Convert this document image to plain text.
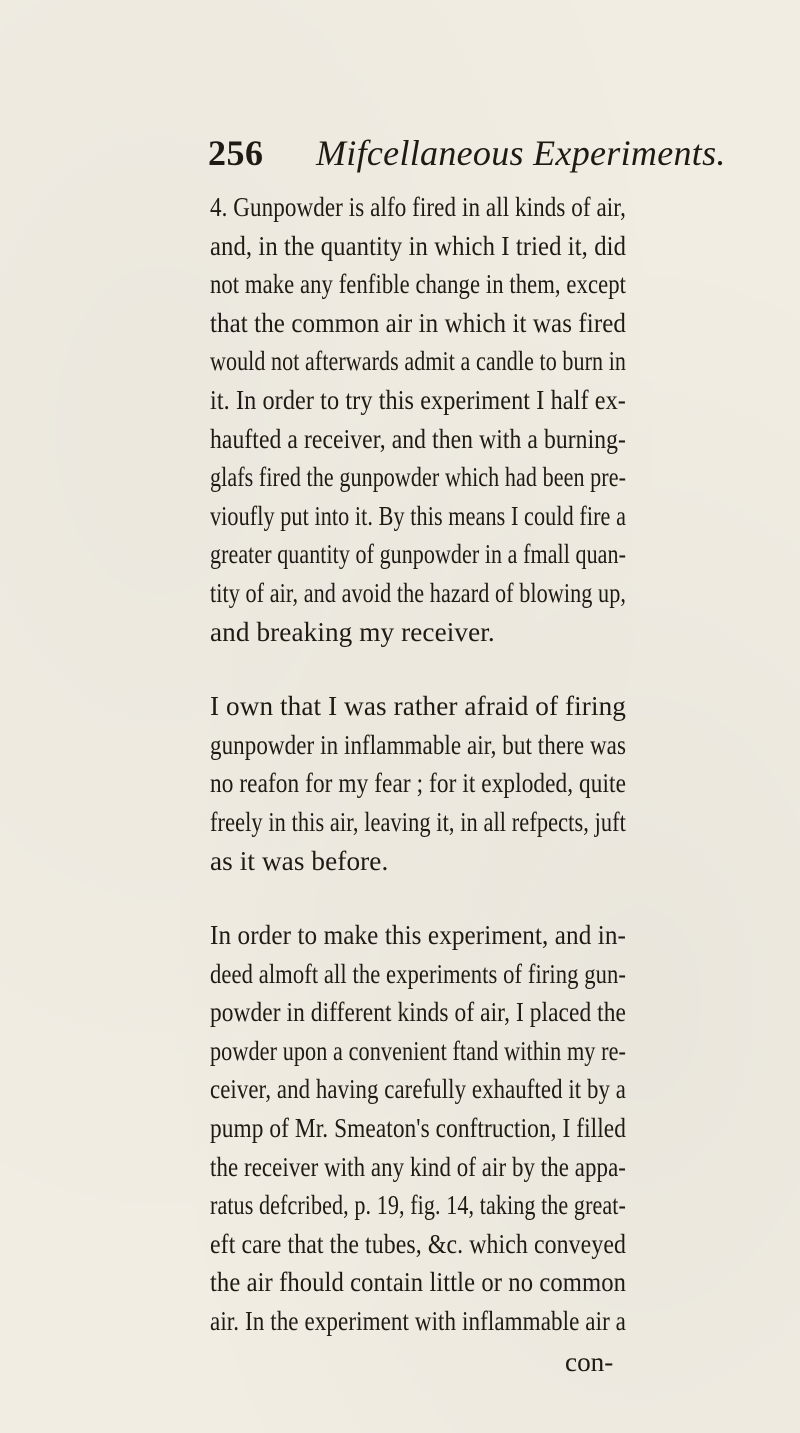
256 Mifcellaneous Experiments.

4. Gunpowder is alfo fired in all kinds of air,
and, in the quantity in which I tried it, did
not make any fenfible change in them, except
that the common air in which it was fired
would not afterwards admit a candle to burn in
it. In order to try this experiment I half ex-
haufted a receiver, and then with a burning-
glafs fired the gunpowder which had been pre-
vioufly put into it. By this means I could fire a
greater quantity of gunpowder in a fmall quan-
tity of air, and avoid the hazard of blowing up,
and breaking my receiver.

I own that I was rather afraid of firing
gunpowder in inflammable air, but there was
no reafon for my fear ; for it exploded, quite
freely in this air, leaving it, in all refpects, juft
as it was before.

In order to make this experiment, and in-
deed almoft all the experiments of firing gun-
powder in different kinds of air, I placed the
powder upon a convenient ftand within my re-
ceiver, and having carefully exhaufted it by a
pump of Mr. Smeaton's conftruction, I filled
the receiver with any kind of air by the appa-
ratus defcribed, p. 19, fig. 14, taking the great-
eft care that the tubes, &c. which conveyed
the air fhould contain little or no common
air. In the experiment with inflammable air a

con-
